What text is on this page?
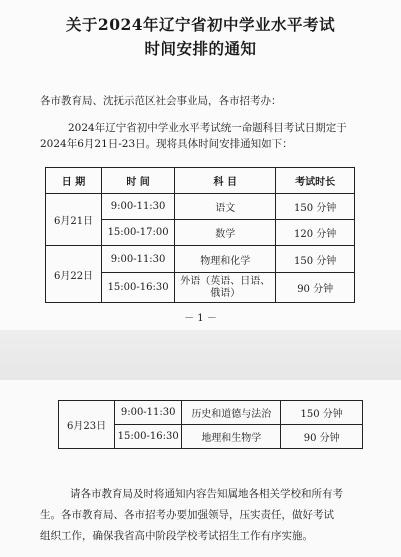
关于2024年辽宁省初中学业水平考试
时间安排的通知

各市教育局、沈抚示范区社会事业局，各市招考办：

2024年辽宁省初中学业水平考试统一命题科目考试日期定于

2024年6月21日-23日。现将具体时间安排通知如下：

日 期	时 间	科 目	考试时长
6月21日	9:00-11:30	语文	150 分钟
	15:00-17:00	数学	120 分钟
6月22日	9:00-11:30	物理和化学	150 分钟
	15:00-16:30	外语（英语、日语、
俄语）	90 分钟

－ 1 －

6月23日	9:00-11:30	历史和道德与法治	150 分钟
	15:00-16:30	地理和生物学	90 分钟

请各市教育局及时将通知内容告知属地各相关学校和所有考

生。各市教育局、各市招考办要加强领导，压实责任，做好考试

组织工作，确保我省高中阶段学校考试招生工作有序实施。
